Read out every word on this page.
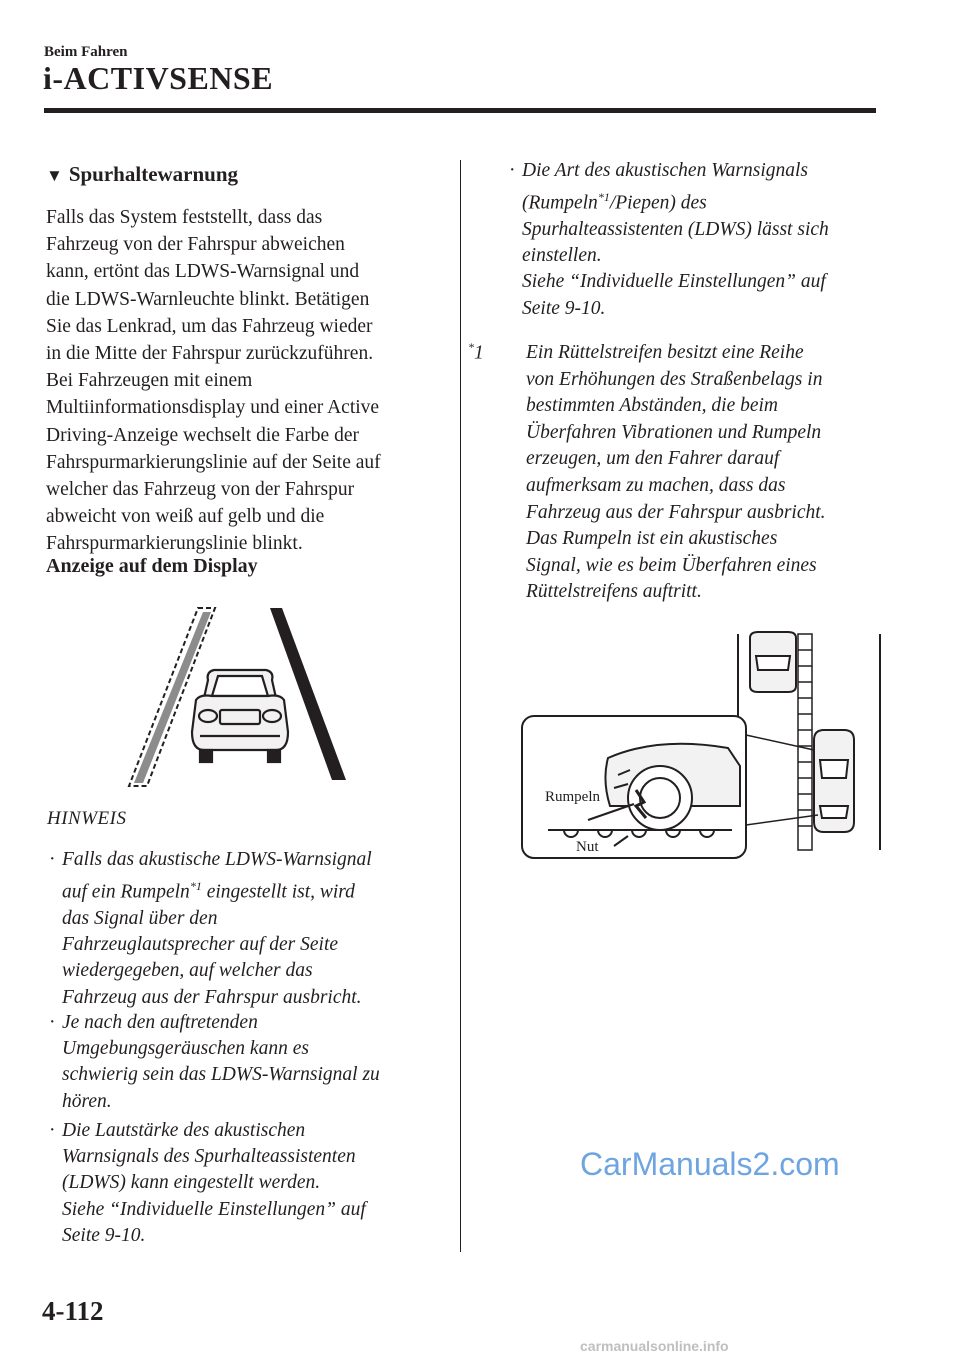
Beim Fahren
i-ACTIVSENSE
▼ Spurhaltewarnung
Falls das System feststellt, dass das
Fahrzeug von der Fahrspur abweichen
kann, ertönt das LDWS-Warnsignal und
die LDWS-Warnleuchte blinkt. Betätigen
Sie das Lenkrad, um das Fahrzeug wieder
in die Mitte der Fahrspur zurückzuführen.
Bei Fahrzeugen mit einem
Multiinformationsdisplay und einer Active
Driving-Anzeige wechselt die Farbe der
Fahrspurmarkierungslinie auf der Seite auf
welcher das Fahrzeug von der Fahrspur
abweicht von weiß auf gelb und die
Fahrspurmarkierungslinie blinkt.
Anzeige auf dem Display
HINWEIS
· Falls das akustische LDWS-Warnsignal
auf ein Rumpeln$^{*1}$ eingestellt ist, wird
das Signal über den
Fahrzeuglautsprecher auf der Seite
wiedergegeben, auf welcher das
Fahrzeug aus der Fahrspur ausbricht.
· Je nach den auftretenden
Umgebungsgeräuschen kann es
schwierig sein das LDWS-Warnsignal zu
hören.
· Die Lautstärke des akustischen
Warnsignals des Spurhalteassistenten
(LDWS) kann eingestellt werden.
Siehe “Individuelle Einstellungen” auf
Seite 9-10.
· Die Art des akustischen Warnsignals
(Rumpeln$^{*1}$/Piepen) des
Spurhalteassistenten (LDWS) lässt sich
einstellen.
Siehe “Individuelle Einstellungen” auf
Seite 9-10.
*1 Ein Rüttelstreifen besitzt eine Reihe
von Erhöhungen des Straßenbelags in
bestimmten Abständen, die beim
Überfahren Vibrationen und Rumpeln
erzeugen, um den Fahrer darauf
aufmerksam zu machen, dass das
Fahrzeug aus der Fahrspur ausbricht.
Das Rumpeln ist ein akustisches
Signal, wie es beim Überfahren eines
Rüttelstreifens auftritt.
Rumpeln
Nut
4-112
CarManuals2.com
carmanualsonline.info
